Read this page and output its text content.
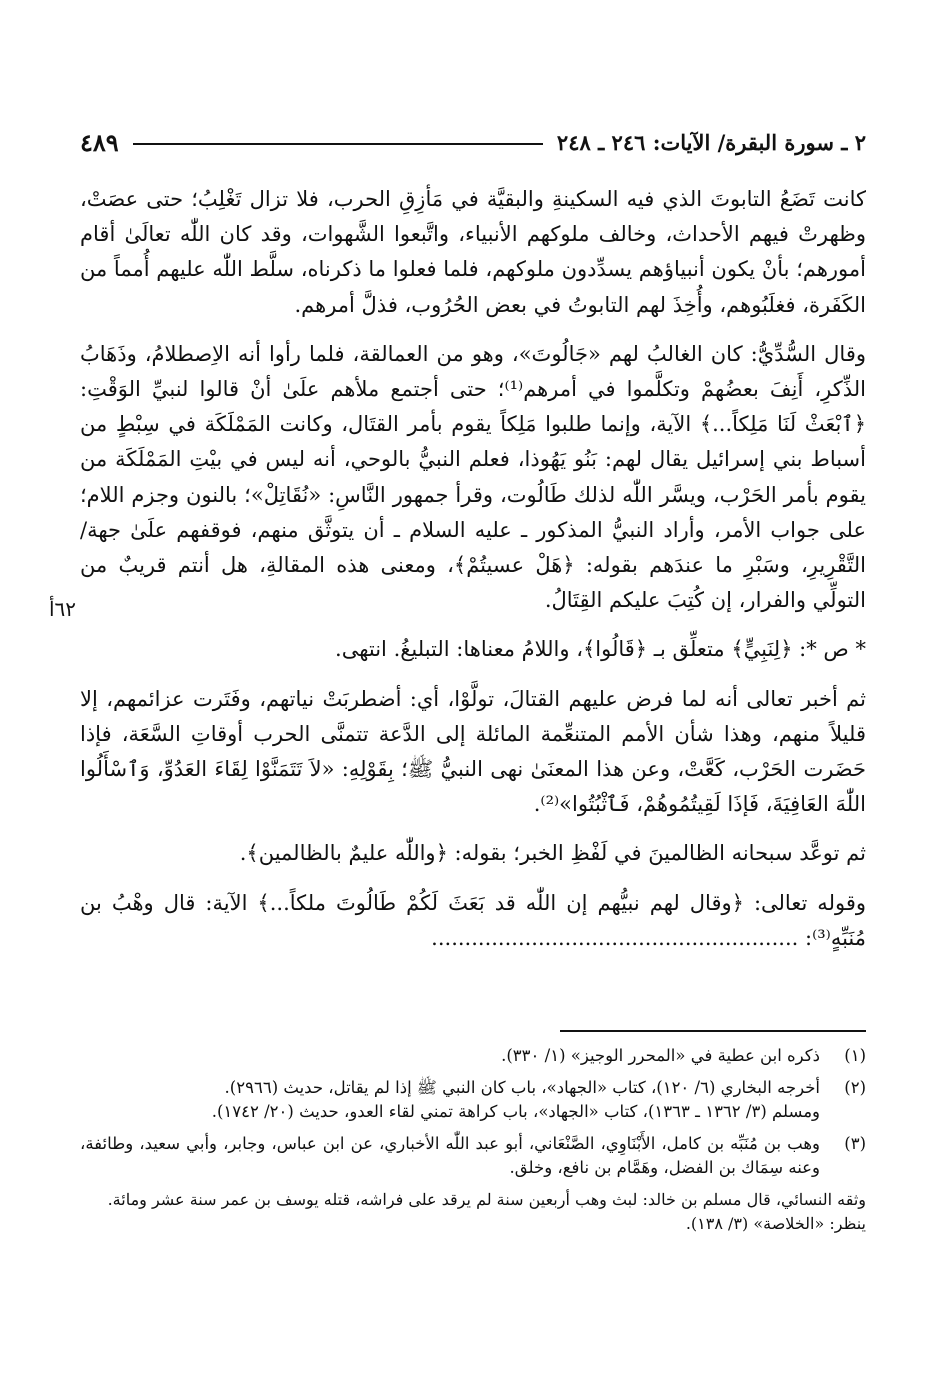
٢ ـ سورة البقرة/ الآيات: ٢٤٦ ـ ٢٤٨
٤٨٩
٦٢أ

كانت تَضَعُ التابوتَ الذي فيه السكينةِ والبقيَّة في مَأزِقِ الحرب، فلا تزال تَغْلِبُ؛ حتى عصَتْ، وظهرتْ فيهم الأحداث، وخالف ملوكهم الأنبياء، واتَّبعوا الشَّهوات، وقد كان اللّٰه تعالَىٰ أقام أمورهم؛ بأنْ يكون أنبياؤهم يسدِّدون ملوكهم، فلما فعلوا ما ذكرناه، سلَّط اللّٰه عليهم أُمماً من الكَفَرة، فغلَبُوهم، وأُخِذَ لهم التابوتُ في بعض الحُرُوب، فذلَّ أمرهم.

وقال السُّدِّيُّ: كان الغالبُ لهم «جَالُوتَ»، وهو من العمالقة، فلما رأوا أنه الاِصطلامُ، وذَهَابُ الذِّكرِ، أَنِفَ بعضُهمْ وتكلَّموا في أمرهم⁽¹⁾؛ حتى أجتمع ملأهم علَىٰ أنْ قالوا لنبيِّ الوَقْتِ: ﴿ٱبْعَثْ لَنَا مَلِكاً...﴾ الآية، وإنما طلبوا مَلِكاً يقوم بأمر القتَال، وكانت المَمْلَكَة في سِبْطٍ من أسباط بني إسرائيل يقال لهم: بَنُو يَهُوذا، فعلم النبيُّ بالوحي، أنه ليس في بيْتِ المَمْلَكَة من يقوم بأمر الحَرْب، ويسَّر اللّٰه لذلك طَالُوت، وقرأ جمهور النَّاسِ: «نُقَاتِلْ»؛ بالنون وجزم اللام؛ على جواب الأمر، وأراد النبيُّ المذكور ـ عليه السلام ـ أن يتوثَّق منهم، فوقفهم علَىٰ جهة/ التَّقْرِيرِ، وسَبْرِ ما عندَهم بقوله: ﴿هَلْ عسيتُمْ﴾، ومعنى هذه المقالةِ، هل أنتم قريبٌ من التولِّي والفرار، إن كُتِبَ عليكم القِتَالُ.

* ص *: ﴿لِنَبِيٍّ﴾ متعلِّق بـ ﴿قَالُوا﴾، واللامُ معناها: التبليغُ. انتهى.

ثم أخبر تعالى أنه لما فرض عليهم القتالَ، تولَّوْا، أي: أضطربَتْ نياتهم، وفَتَرت عزائمهم، إلا قليلاً منهم، وهذا شأن الأمم المتنعِّمة المائلة إلى الدَّعة تتمنَّى الحرب أوقاتِ السَّعَة، فإذا حَضَرت الحَرْب، كَعَّتْ، وعن هذا المعنَىٰ نهى النبيُّ ﷺ؛ بِقَوْلِهِ: «لاَ تَتَمَنَّوْا لِقَاءَ العَدُوِّ، وَٱسْأَلُوا اللّٰهَ العَافِيَةَ، فَإذَا لَقِيتُمُوهُمْ، فَٱثْبُتُوا»⁽²⁾.

ثم توعَّد سبحانه الظالمينَ في لَفْظِ الخبر؛ بقوله: ﴿واللّٰه عليمٌ بالظالمين﴾.

وقوله تعالى: ﴿وقال لهم نبيُّهم إن اللّٰه قد بَعَثَ لَكُمْ طَالُوتَ ملكاً...﴾ الآية: قال وهْبُ بن مُنَبِّهٍ⁽³⁾: .......................................................

(١)
ذكره ابن عطية في «المحرر الوجيز» (١/ ٣٣٠).
(٢)
أخرجه البخاري (٦/ ١٢٠)، كتاب «الجهاد»، باب كان النبي ﷺ إذا لم يقاتل، حديث (٢٩٦٦).
ومسلم (٣/ ١٣٦٢ ـ ١٣٦٣)، كتاب «الجهاد»، باب كراهة تمني لقاء العدو، حديث (٢٠/ ١٧٤٢).
(٣)
وهب بن مُنَبِّه بن كامل، الأَبْنَاوِي، الصَّنْعَاني، أبو عبد اللّٰه الأخباري، عن ابن عباس، وجابر، وأبي سعيد، وطائفة، وعنه سِمَاك بن الفضل، وهَمَّام بن نافع، وخلق.
وثقه النسائي، قال مسلم بن خالد: لبث وهب أربعين سنة لم يرقد على فراشه، قتله يوسف بن عمر سنة عشر ومائة.
ينظر: «الخلاصة» (٣/ ١٣٨).
